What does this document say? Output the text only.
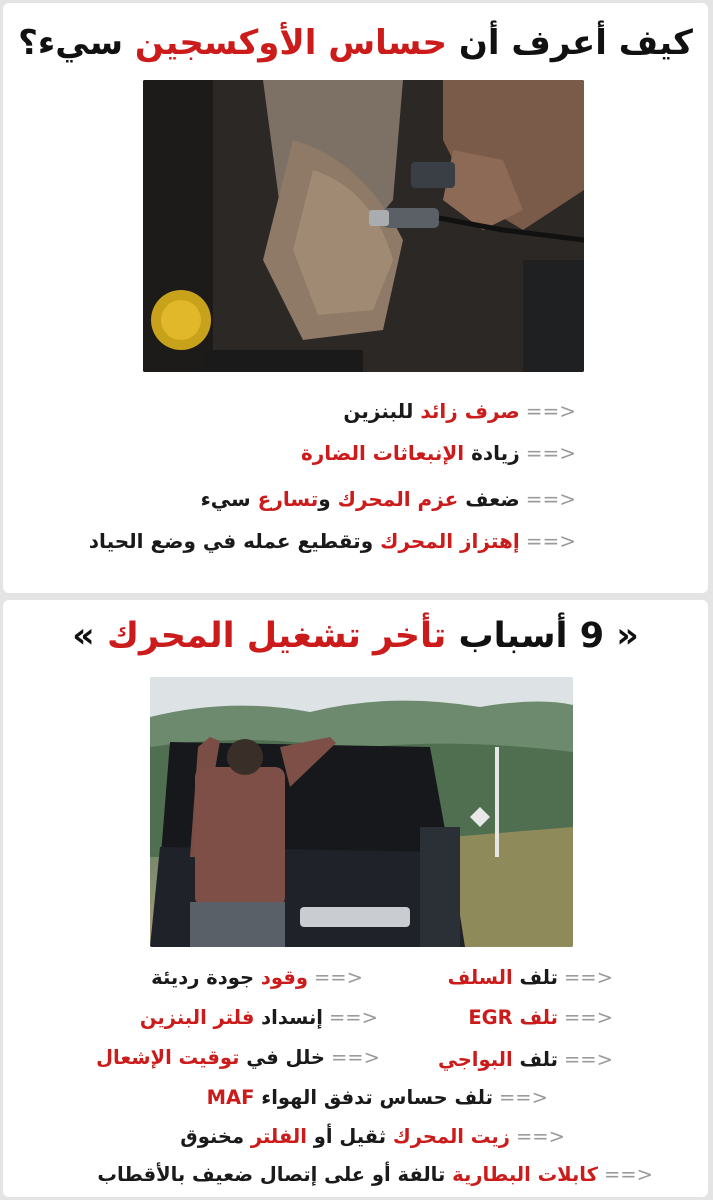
كيف أعرف أن حساس الأوكسجين سيء؟
<==صرف زائد للبنزين
<==زيادة الإنبعاثات الضارة
<==ضعف عزم المحرك وتسارع سيء
<==إهتزاز المحرك وتقطيع عمله في وضع الحياد
« 9 أسباب تأخر تشغيل المحرك »
<==تلف السلف
<==تلف EGR
<==تلف البواجي
<==وقود جودة رديئة
<==إنسداد فلتر البنزين
<==خلل في توقيت الإشعال
<==تلف حساس تدفق الهواء MAF
<==زيت المحرك ثقيل أو الفلتر مخنوق
<==كابلات البطارية تالفة أو على إتصال ضعيف بالأقطاب
